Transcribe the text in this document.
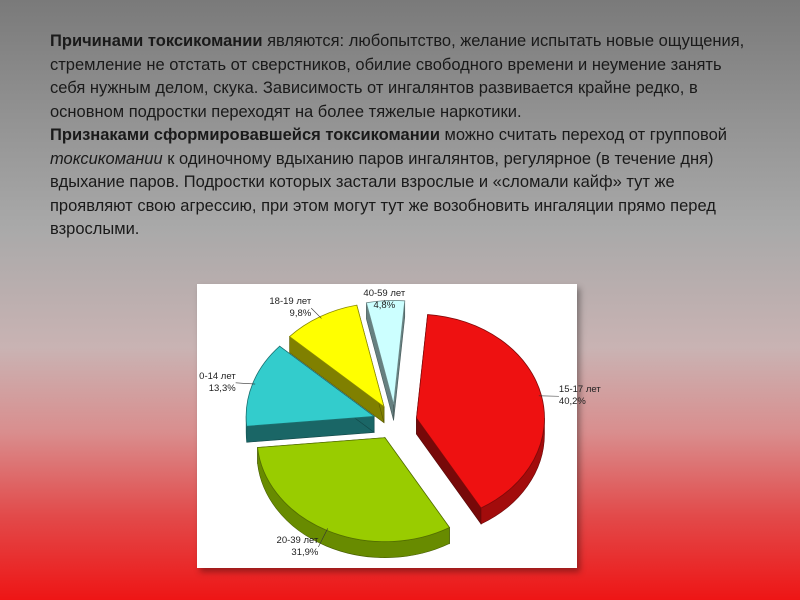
Причинами токсикомании являются: любопытство, желание испытать новые ощущения, стремление не отстать от сверстников, обилие свободного времени и неумение занять себя нужным делом, скука. Зависимость от ингалянтов развивается крайне редко, в основном подростки переходят на более тяжелые наркотики.
Признаками сформировавшейся токсикомании можно считать переход от групповой токсикомании к одиночному вдыханию паров ингалянтов, регулярное (в течение дня) вдыхание паров. Подростки которых застали взрослые и «сломали кайф» тут же проявляют свою агрессию, при этом могут тут же возобновить ингаляции прямо перед взрослыми.
15-17 лет
40,2%
20-39 лет
31,9%
0-14 лет
13,3%
18-19 лет
9,8%
40-59 лет
4,8%
